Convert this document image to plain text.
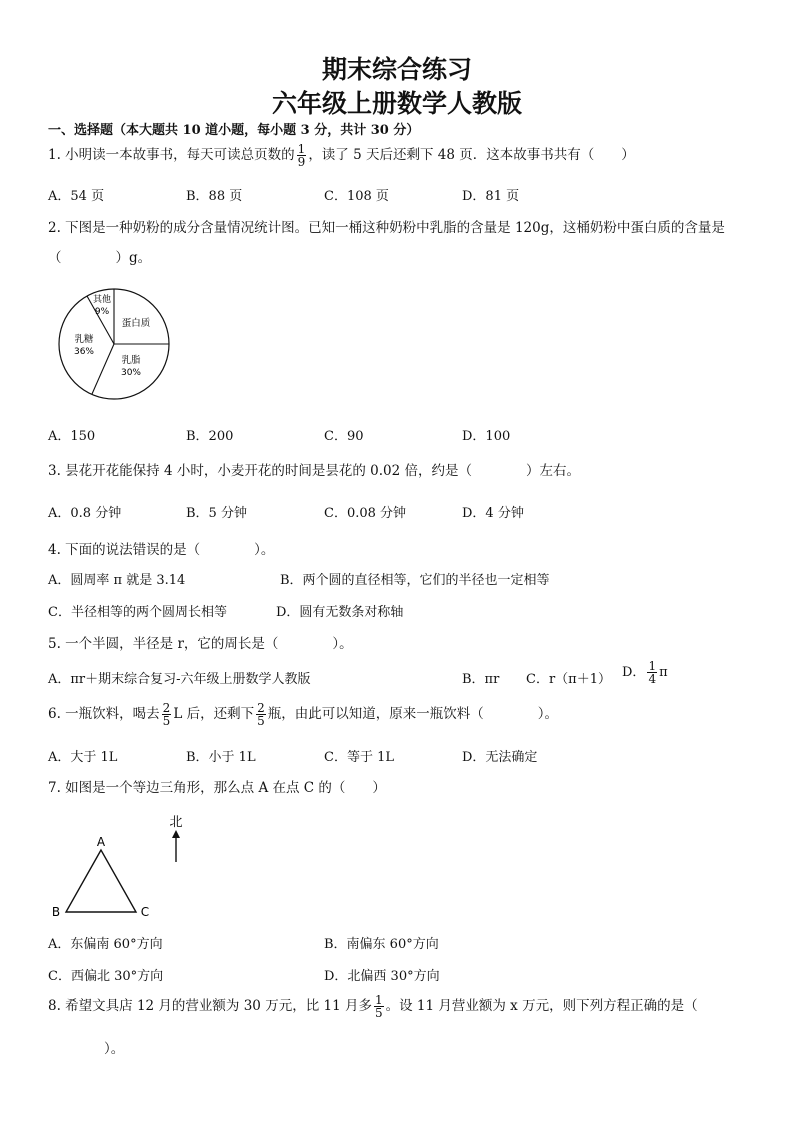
期末综合练习
六年级上册数学人教版
一、选择题（本大题共 10 道小题，每小题 3 分，共计 30 分）
1. 小明读一本故事书，每天可读总页数的 $\frac{1}{9}$ ，读了 5 天后还剩下 48 页．这本故事书共有（　　）
A．54 页	B．88 页	C．108 页	D．81 页
2. 下图是一种奶粉的成分含量情况统计图。已知一桶这种奶粉中乳脂的含量是 120g，这桶奶粉中蛋白质的含量是
（　　　　）g。
其他
9%
蛋白质
乳脂
30%
乳糖
36%
A．150	B．200	C．90	D．100
3. 昙花开花能保持 4 小时，小麦开花的时间是昙花的 0.02 倍，约是（　　　　）左右。
A．0.8 分钟	B．5 分钟	C．0.08 分钟	D．4 分钟
4. 下面的说法错误的是（　　　　）。
A．圆周率 π 就是 3.14	B．两个圆的直径相等，它们的半径也一定相等
C．半径相等的两个圆周长相等	D．圆有无数条对称轴
5. 一个半圆，半径是 r，它的周长是（　　　　）。
A．πr＋期末综合复习-六年级上册数学人教版	B．πr C．r（π＋1） D． $\frac{1}{4}$ π
6. 一瓶饮料，喝去 $\frac{2}{5}$ L 后，还剩下 $\frac{2}{5}$ 瓶，由此可以知道，原来一瓶饮料（　　　　）。
A．大于 1L	B．小于 1L	C．等于 1L	D．无法确定
7. 如图是一个等边三角形，那么点 A 在点 C 的（　　）
A
B	C
北
A．东偏南 60°方向	B．南偏东 60°方向
C．西偏北 30°方向	D．北偏西 30°方向
8. 希望文具店 12 月的营业额为 30 万元，比 11 月多 $\frac{1}{5}$ 。设 11 月营业额为 x 万元，则下列方程正确的是（
）。
